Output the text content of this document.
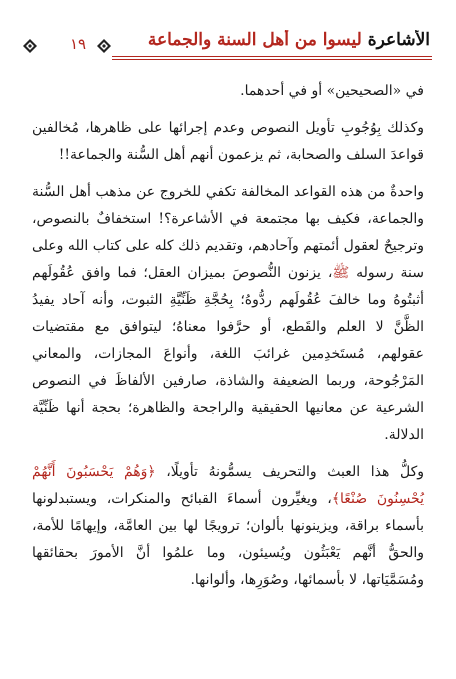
١٩	الأشاعرة ليسوا من أهل السنة والجماعة

في «الصحيحين» أو في أحدهما.

وكذلك بِوُجُوبِ تأويل النصوص وعدم إجرائها على ظاهرها، مُخالفين قواعدَ السلف والصحابة، ثم يزعمون أنهم أهل السُّنة والجماعة!!

واحدةٌ من هذه القواعد المخالفة تكفي للخروج عن مذهب أهل السُّنة والجماعة، فكيف بها مجتمعة في الأشاعرة؟! استخفافٌ بالنصوص، وترجيحٌ لعقول أئمتهم وآحادهم، وتقديم ذلك كله على كتاب الله وعلى سنة رسوله ﷺ، يزنون النُّصوصَ بميزان العقل؛ فما وافق عُقُولَهم أثبتُوهُ وما خالفَ عُقُولَهم ردُّوهُ؛ بِحُجَّةِ ظَنِّيَّةِ الثبوت، وأنه آحاد يفيدُ الظَّنَّ لا العلم والقَطع، أو حرَّفوا معناهُ؛ ليتوافق مع مقتضيات عقولهم، مُستَخدِمين غرائبَ اللغة، وأنواعَ المجازات، والمعاني المَرْجُوحة، وربما الضعيفة والشاذة، صارفين الألفاظَ في النصوص الشرعية عن معانيها الحقيقية والراجحة والظاهرة؛ بحجة أنها ظَنِّيَّة الدلالة.

وكلُّ هذا العبث والتحريف يسمُّونهُ تأويلًا، ﴿وَهُمْ يَحْسَبُونَ أَنَّهُمْ يُحْسِنُونَ صُنْعًا﴾، ويغيِّرون أسماءَ القبائح والمنكرات، ويستبدلونها بأسماء براقة، ويزينونها بألوان؛ ترويجًا لها بين العامَّة، وإيهامًا للأمة، والحقُّ أنَّهم يَعْبَثُون ويُسيئون، وما علمُوا أنَّ الأمورَ بحقائقها ومُسَمَّيَاتها، لا بأسمائها، وصُوَرِها، وألوانها.
